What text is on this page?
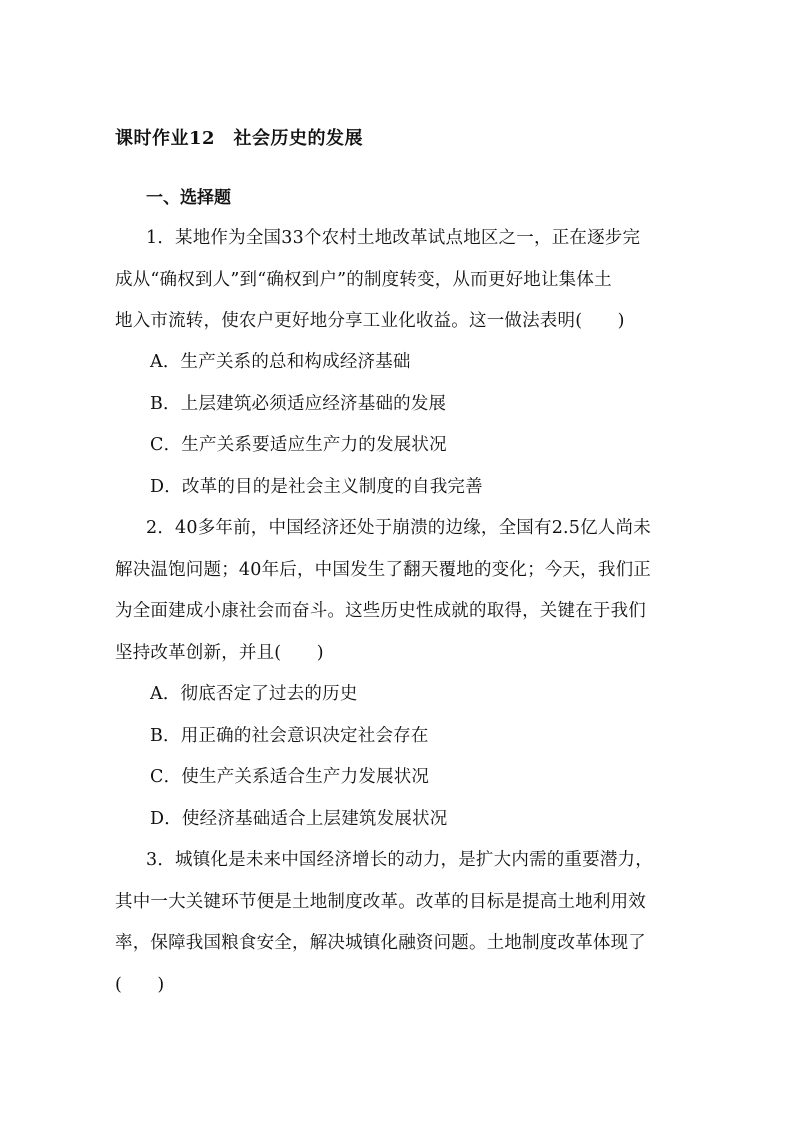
课时作业12　社会历史的发展
一、选择题
1．某地作为全国33个农村土地改革试点地区之一，正在逐步完
成从“确权到人”到“确权到户”的制度转变，从而更好地让集体土
地入市流转，使农户更好地分享工业化收益。这一做法表明(　　)
A．生产关系的总和构成经济基础
B．上层建筑必须适应经济基础的发展
C．生产关系要适应生产力的发展状况
D．改革的目的是社会主义制度的自我完善
2．40多年前，中国经济还处于崩溃的边缘，全国有2.5亿人尚未
解决温饱问题；40年后，中国发生了翻天覆地的变化；今天，我们正
为全面建成小康社会而奋斗。这些历史性成就的取得，关键在于我们
坚持改革创新，并且(　　)
A．彻底否定了过去的历史
B．用正确的社会意识决定社会存在
C．使生产关系适合生产力发展状况
D．使经济基础适合上层建筑发展状况
3．城镇化是未来中国经济增长的动力，是扩大内需的重要潜力，
其中一大关键环节便是土地制度改革。改革的目标是提高土地利用效
率，保障我国粮食安全，解决城镇化融资问题。土地制度改革体现了
(　　)
